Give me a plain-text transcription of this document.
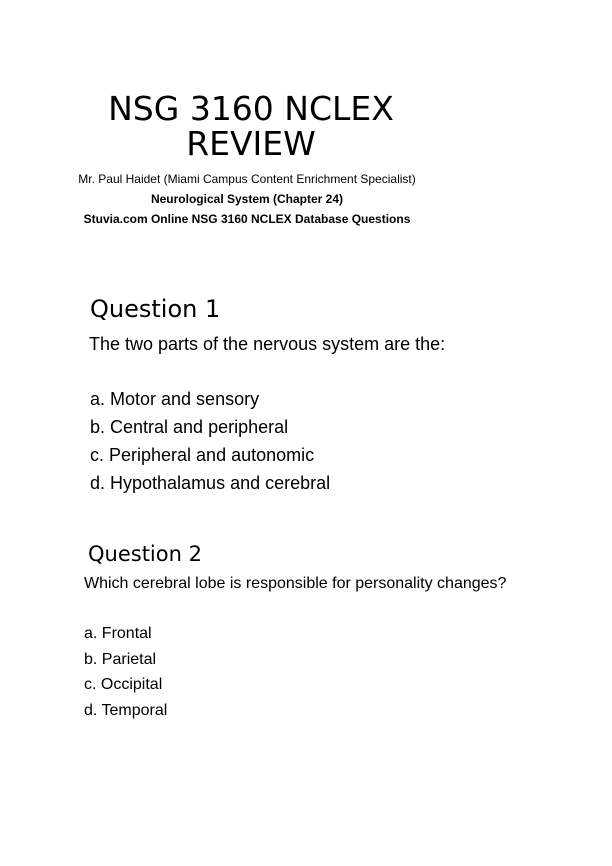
NSG 3160 NCLEX
REVIEW
Mr. Paul Haidet (Miami Campus Content Enrichment Specialist)
Neurological System (Chapter 24)
Stuvia.com Online NSG 3160 NCLEX Database Questions
Question 1
The two parts of the nervous system are the:
a. Motor and sensory
b. Central and peripheral
c. Peripheral and autonomic
d. Hypothalamus and cerebral
Question 2
Which cerebral lobe is responsible for personality changes?
a. Frontal
b. Parietal
c. Occipital
d. Temporal
